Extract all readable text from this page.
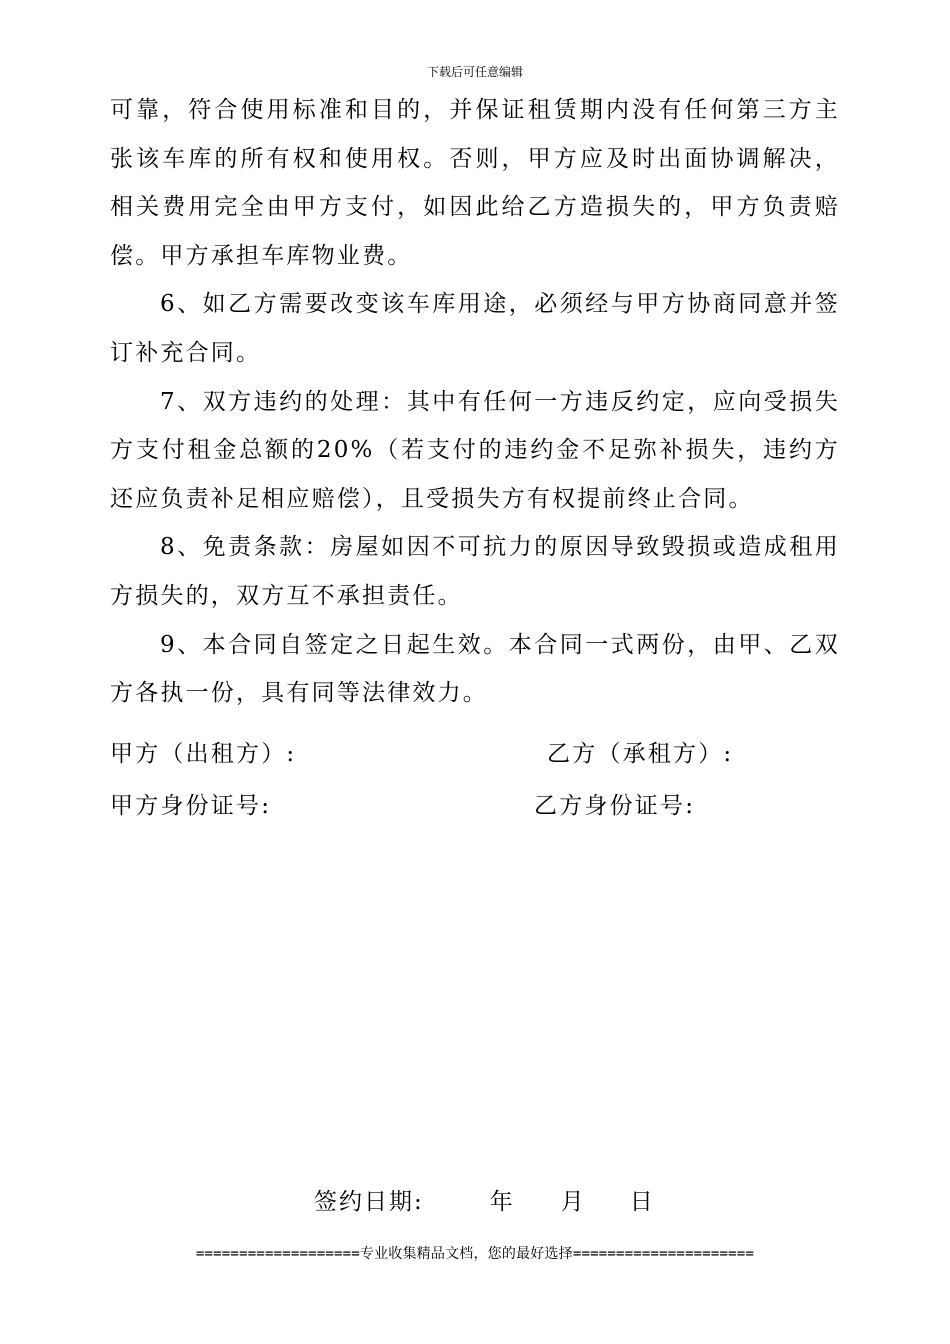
下载后可任意编辑

可靠，符合使用标准和目的，并保证租赁期内没有任何第三方主张该车库的所有权和使用权。否则，甲方应及时出面协调解决，相关费用完全由甲方支付，如因此给乙方造损失的，甲方负责赔偿。甲方承担车库物业费。

6、如乙方需要改变该车库用途，必须经与甲方协商同意并签订补充合同。

7、双方违约的处理：其中有任何一方违反约定，应向受损失方支付租金总额的20%（若支付的违约金不足弥补损失，违约方还应负责补足相应赔偿），且受损失方有权提前终止合同。

8、免责条款：房屋如因不可抗力的原因导致毁损或造成租用方损失的，双方互不承担责任。

9、本合同自签定之日起生效。本合同一式两份，由甲、乙双方各执一份，具有同等法律效力。

甲方（出租方）:	乙方（承租方）:
甲方身份证号:	乙方身份证号:
签约日期:	年 月 日
===================专业收集精品文档，您的最好选择=====================
